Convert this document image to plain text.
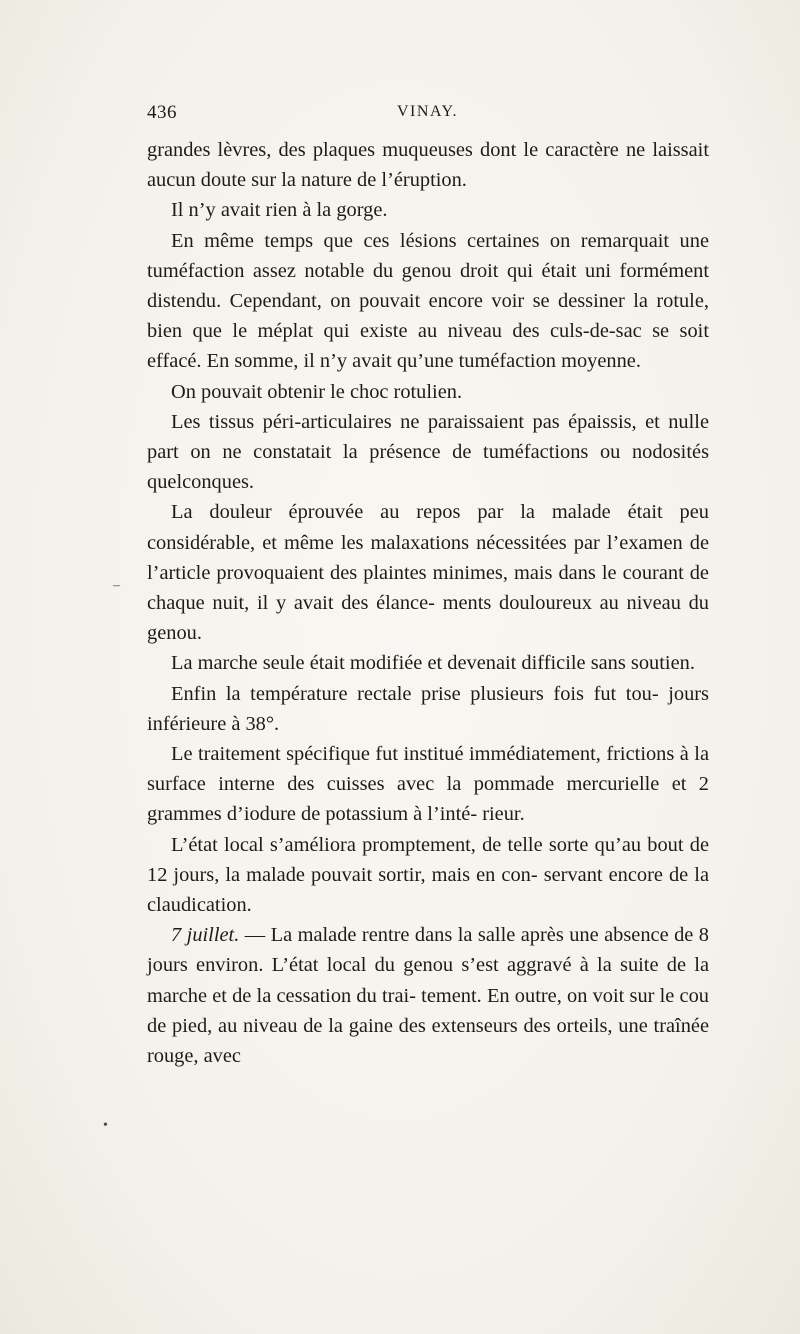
436	VINAY.

grandes lèvres, des plaques muqueuses dont le caractère ne laissait aucun doute sur la nature de l’éruption.

Il n’y avait rien à la gorge.

En même temps que ces lésions certaines on remarquait une tuméfaction assez notable du genou droit qui était uni formément distendu. Cependant, on pouvait encore voir se dessiner la rotule, bien que le méplat qui existe au niveau des culs-de-sac se soit effacé. En somme, il n’y avait qu’une tuméfaction moyenne.

On pouvait obtenir le choc rotulien.

Les tissus péri-articulaires ne paraissaient pas épaissis, et nulle part on ne constatait la présence de tuméfactions ou nodosités quelconques.

La douleur éprouvée au repos par la malade était peu considérable, et même les malaxations nécessitées par l’examen de l’article provoquaient des plaintes minimes, mais dans le courant de chaque nuit, il y avait des élance- ments douloureux au niveau du genou.

La marche seule était modifiée et devenait difficile sans soutien.

Enfin la température rectale prise plusieurs fois fut tou- jours inférieure à 38°.

Le traitement spécifique fut institué immédiatement, frictions à la surface interne des cuisses avec la pommade mercurielle et 2 grammes d’iodure de potassium à l’inté- rieur.

L’état local s’améliora promptement, de telle sorte qu’au bout de 12 jours, la malade pouvait sortir, mais en con- servant encore de la claudication.

7 juillet. — La malade rentre dans la salle après une absence de 8 jours environ. L’état local du genou s’est aggravé à la suite de la marche et de la cessation du trai- tement. En outre, on voit sur le cou de pied, au niveau de la gaine des extenseurs des orteils, une traînée rouge, avec

–
•
